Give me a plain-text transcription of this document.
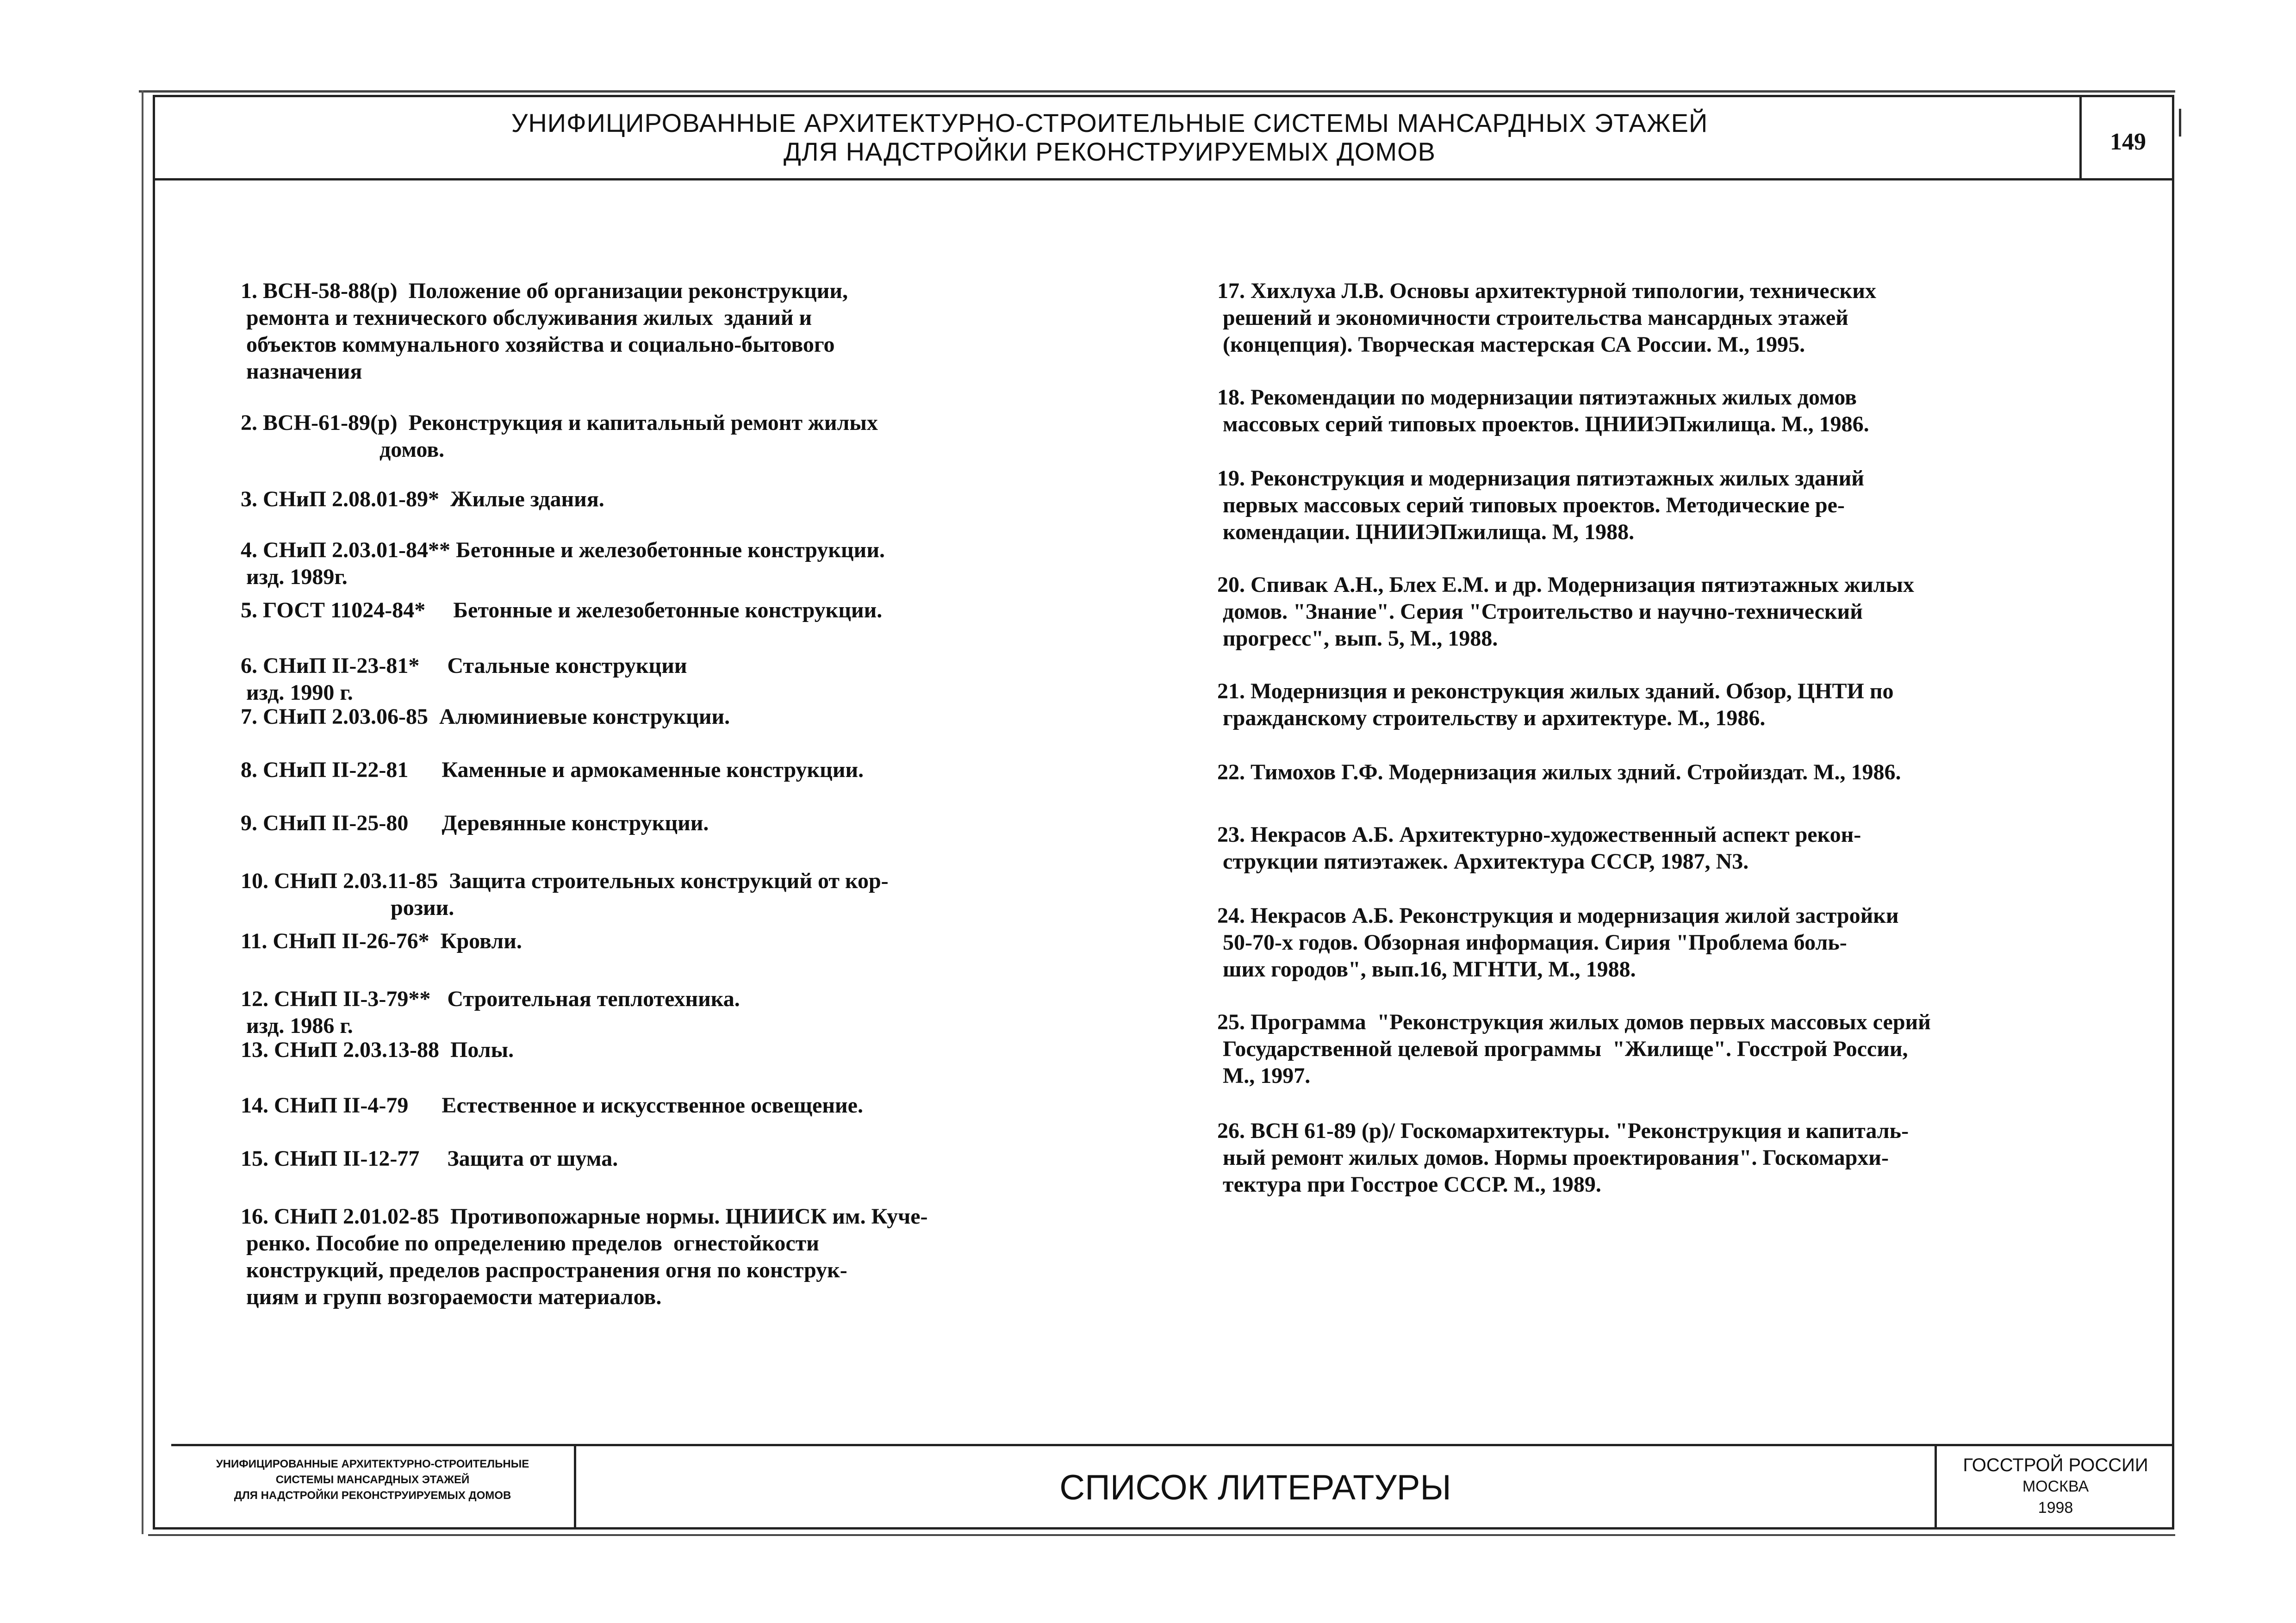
УНИФИЦИРОВАННЫЕ АРХИТЕКТУРНО-СТРОИТЕЛЬНЫЕ СИСТЕМЫ МАНСАРДНЫХ ЭТАЖЕЙ
ДЛЯ НАДСТРОЙКИ РЕКОНСТРУИРУЕМЫХ ДОМОВ	149
1. ВСН-58-88(р)  Положение об организации реконструкции,
ремонта и технического обслуживания жилых  зданий и
объектов коммунального хозяйства и социально-бытового
назначения
2. ВСН-61-89(р)  Реконструкция и капитальный ремонт жилых
домов.
3. СНиП 2.08.01-89*  Жилые здания.
4. СНиП 2.03.01-84** Бетонные и железобетонные конструкции.
изд. 1989г.
5. ГОСТ 11024-84*     Бетонные и железобетонные конструкции.
6. СНиП II-23-81*     Стальные конструкции
изд. 1990 г.
7. СНиП 2.03.06-85  Алюминиевые конструкции.
8. СНиП II-22-81      Каменные и армокаменные конструкции.
9. СНиП II-25-80      Деревянные конструкции.
10. СНиП 2.03.11-85  Защита строительных конструкций от кор-
розии.
11. СНиП II-26-76*  Кровли.
12. СНиП II-3-79**   Строительная теплотехника.
изд. 1986 г.
13. СНиП 2.03.13-88  Полы.
14. СНиП II-4-79      Естественное и искусственное освещение.
15. СНиП II-12-77     Защита от шума.
16. СНиП 2.01.02-85  Противопожарные нормы. ЦНИИСК им. Куче-
ренко. Пособие по определению пределов  огнестойкости
конструкций, пределов распространения огня по конструк-
циям и групп возгораемости материалов.
17. Хихлуха Л.В. Основы архитектурной типологии, технических
решений и экономичности строительства мансардных этажей
(концепция). Творческая мастерская СА России. М., 1995.
18. Рекомендации по модернизации пятиэтажных жилых домов
массовых серий типовых проектов. ЦНИИЭПжилища. М., 1986.
19. Реконструкция и модернизация пятиэтажных жилых зданий
первых массовых серий типовых проектов. Методические ре-
комендации. ЦНИИЭПжилища. М, 1988.
20. Спивак А.Н., Блех Е.М. и др. Модернизация пятиэтажных жилых
домов. "Знание". Серия "Строительство и научно-технический
прогресс", вып. 5, М., 1988.
21. Модернизция и реконструкция жилых зданий. Обзор, ЦНТИ по
гражданскому строительству и архитектуре. М., 1986.
22. Тимохов Г.Ф. Модернизация жилых здний. Стройиздат. М., 1986.
23. Некрасов А.Б. Архитектурно-художественный аспект рекон-
струкции пятиэтажек. Архитектура СССР, 1987, N3.
24. Некрасов А.Б. Реконструкция и модернизация жилой застройки
50-70-х годов. Обзорная информация. Сирия "Проблема боль-
ших городов", вып.16, МГНТИ, М., 1988.
25. Программа  "Реконструкция жилых домов первых массовых серий
Государственной целевой программы  "Жилище". Госстрой России,
М., 1997.
26. ВСН 61-89 (р)/ Госкомархитектуры. "Реконструкция и капиталь-
ный ремонт жилых домов. Нормы проектирования". Госкомархи-
тектура при Госстрое СССР. М., 1989.
УНИФИЦИРОВАННЫЕ АРХИТЕКТУРНО-СТРОИТЕЛЬНЫЕ
СИСТЕМЫ МАНСАРДНЫХ ЭТАЖЕЙ
ДЛЯ НАДСТРОЙКИ РЕКОНСТРУИРУЕМЫХ ДОМОВ	СПИСОК ЛИТЕРАТУРЫ
ГОССТРОЙ РОССИИ
МОСКВА
1998
